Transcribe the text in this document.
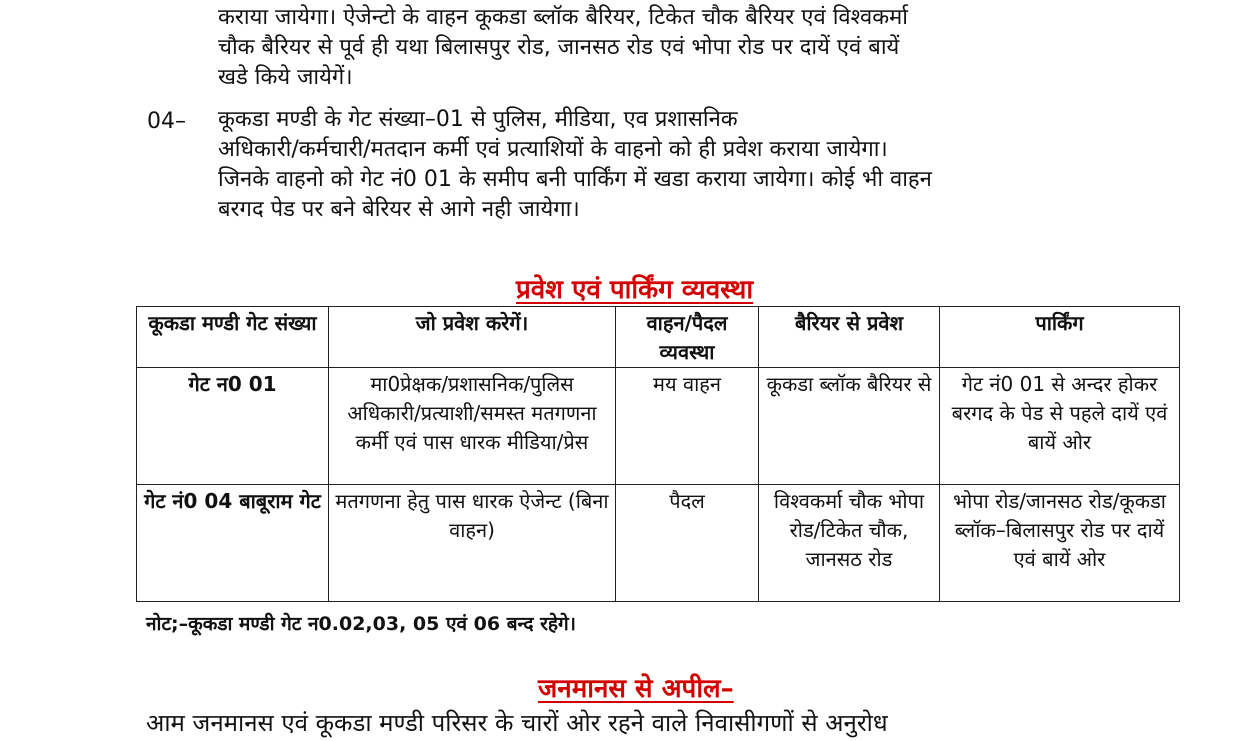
कराया जायेगा। ऐजेन्टो के वाहन कूकडा ब्लॉक बैरियर, टिकेत चौक बैरियर एवं विश्वकर्मा
चौक बैरियर से पूर्व ही यथा बिलासपुर रोड, जानसठ रोड एवं भोपा रोड पर दायें एवं बायें
खडे किये जायेगें।
04– कूकडा मण्डी के गेट संख्या–01 से पुलिस, मीडिया, एव प्रशासनिक
अधिकारी/कर्मचारी/मतदान कर्मी एवं प्रत्याशियों के वाहनो को ही प्रवेश कराया जायेगा।
जिनके वाहनो को गेट नं0 01 के समीप बनी पार्किंग में खडा कराया जायेगा। कोई भी वाहन
बरगद पेड पर बने बेरियर से आगे नही जायेगा।
प्रवेश एवं पार्किंग व्यवस्था
कूकडा मण्डी गेट संख्या	जो प्रवेश करेगें।	वाहन/पैदल व्यवस्था	बैरियर से प्रवेश	पार्किंग
गेट न0 01	मा0प्रेक्षक/प्रशासनिक/पुलिस अधिकारी/प्रत्याशी/समस्त मतगणना कर्मी एवं पास धारक मीडिया/प्रेस	मय वाहन	कूकडा ब्लॉक बैरियर से	गेट नं0 01 से अन्दर होकर बरगद के पेड से पहले दायें एवं बायें ओर
गेट नं0 04 बाबूराम गेट	मतगणना हेतु पास धारक ऐजेन्ट (बिना वाहन)	पैदल	विश्वकर्मा चौक भोपा रोड/टिकेत चौक, जानसठ रोड	भोपा रोड/जानसठ रोड/कूकडा ब्लॉक–बिलासपुर रोड पर दायें एवं बायें ओर
नोट;–कूकडा मण्डी गेट न0.02,03, 05 एवं 06 बन्द रहेगे।
जनमानस से अपील–
आम जनमानस एवं कूकडा मण्डी परिसर के चारों ओर रहने वाले निवासीगणों से अनुरोध
